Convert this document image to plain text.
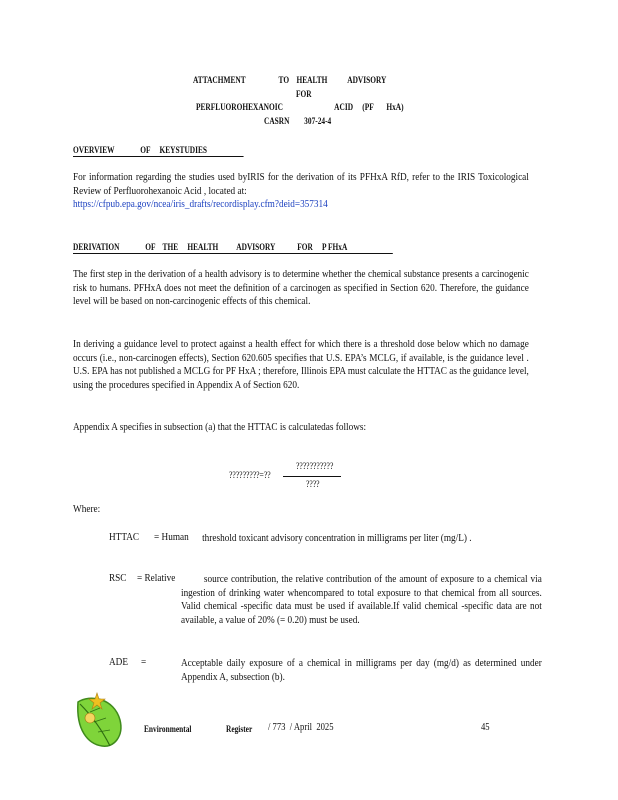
ATTACHMENT                  TO    HEALTH           ADVISORY
FOR
PERFLUOROHEXANOIC                            ACID     (PF       HxA)
CASRN        307-24-4
OVERVIEW              OF     KEYSTUDIES
For information regarding the studies used byIRIS for the derivation of its PFHxA RfD, refer to the IRIS Toxicological Review of Perfluorohexanoic Acid , located at:
https://cfpub.epa.gov/ncea/iris_drafts/recordisplay.cfm?deid=357314
DERIVATION              OF    THE     HEALTH          ADVISORY            FOR     P FHxA
The first step in the derivation of a health advisory is to determine whether the chemical substance presents a carcinogenic risk to humans. PFHxA does not meet the definition of a carcinogen as specified in Section 620. Therefore, the guidance level will be based on non-carcinogenic effects of this chemical.
In deriving a guidance level to protect against a health effect for which there is a threshold dose below which no damage occurs (i.e., non-carcinogen effects), Section 620.605 specifies that U.S. EPA’s MCLG, if available, is the guidance level . U.S. EPA has not published a MCLG for PF HxA ; therefore, Illinois EPA must calculate the HTTAC as the guidance level, using the procedures specified in Appendix A of Section 620.
Appendix A specifies in subsection (a) that the HTTAC is calculatedas follows:
???????????
?????????=??
????
Where:
HTTAC = Human	threshold toxicant advisory concentration in milligrams per liter (mg/L) .
RSC = Relative	source contribution, the relative contribution of the amount of exposure to a chemical via ingestion of drinking water whencompared to total exposure to that chemical from all sources. Valid chemical -specific data must be used if available.If valid chemical -specific data are not available, a value of 20% (= 0.20) must be used.
ADE =	Acceptable daily exposure of a chemical in milligrams per day (mg/d) as determined under Appendix A, subsection (b).
Environmental	Register / 773  / April  2025	45
